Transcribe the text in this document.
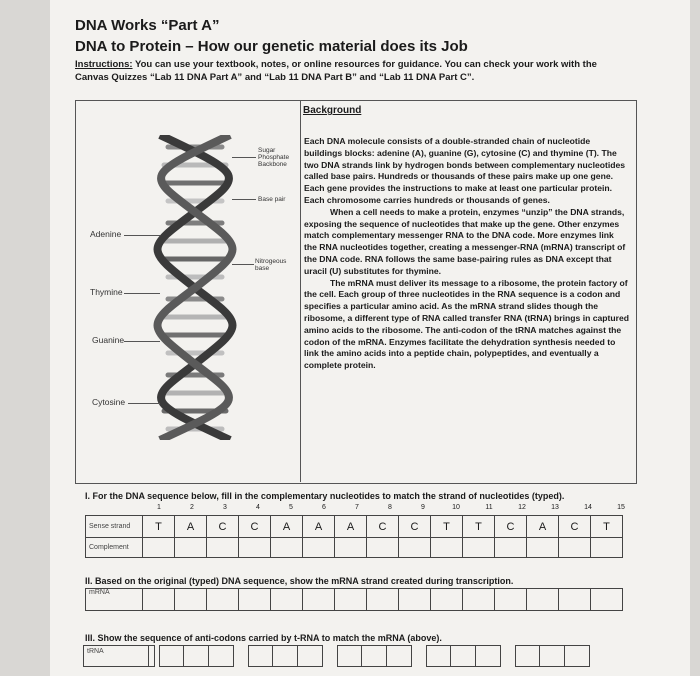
DNA Works “Part A”
DNA to Protein – How our genetic material does its Job
Instructions: You can use your textbook, notes, or online resources for guidance. You can check your work with the Canvas Quizzes “Lab 11 DNA Part A” and “Lab 11 DNA Part B” and “Lab 11 DNA Part C”.
Adenine
Thymine
Guanine
Cytosine
Sugar Phosphate Backbone
Base pair
Nitrogeous base
Background

Each DNA molecule consists of a double-stranded chain of nucleotide buildings blocks: adenine (A), guanine (G), cytosine (C) and thymine (T). The two DNA strands link by hydrogen bonds between complementary nucleotides called base pairs. Hundreds or thousands of these pairs make up one gene. Each gene provides the instructions to make at least one particular protein. Each chromosome carries hundreds or thousands of genes.

When a cell needs to make a protein, enzymes “unzip” the DNA strands, exposing the sequence of nucleotides that make up the gene. Other enzymes match complementary messenger RNA to the DNA code. More enzymes link the RNA nucleotides together, creating a messenger-RNA (mRNA) transcript of the DNA code. RNA follows the same base-pairing rules as DNA except that uracil (U) substitutes for thymine.

The mRNA must deliver its message to a ribosome, the protein factory of the cell. Each group of three nucleotides in the RNA sequence is a codon and specifies a particular amino acid. As the mRNA strand slides though the ribosome, a different type of RNA called transfer RNA (tRNA) brings in captured amino acids to the ribosome. The anti-codon of the tRNA matches against the codon of the mRNA. Enzymes facilitate the dehydration synthesis needed to link the amino acids into a peptide chain, polypeptides, and eventually a complete protein.

I. For the DNA sequence below, fill in the complementary nucleotides to match the strand of nucleotides (typed).
1	2	3	4	5	6	7	8	9	10	11	12	13	14	15
Sense strand	T	A	C	C	A	A	A	C	C	T	T	C	A	C	T
Complement															
II. Based on the original (typed) DNA sequence, show the mRNA strand created during transcription.
mRNA															
III. Show the sequence of anti-codons carried by t-RNA to match the mRNA (above).
tRNA
